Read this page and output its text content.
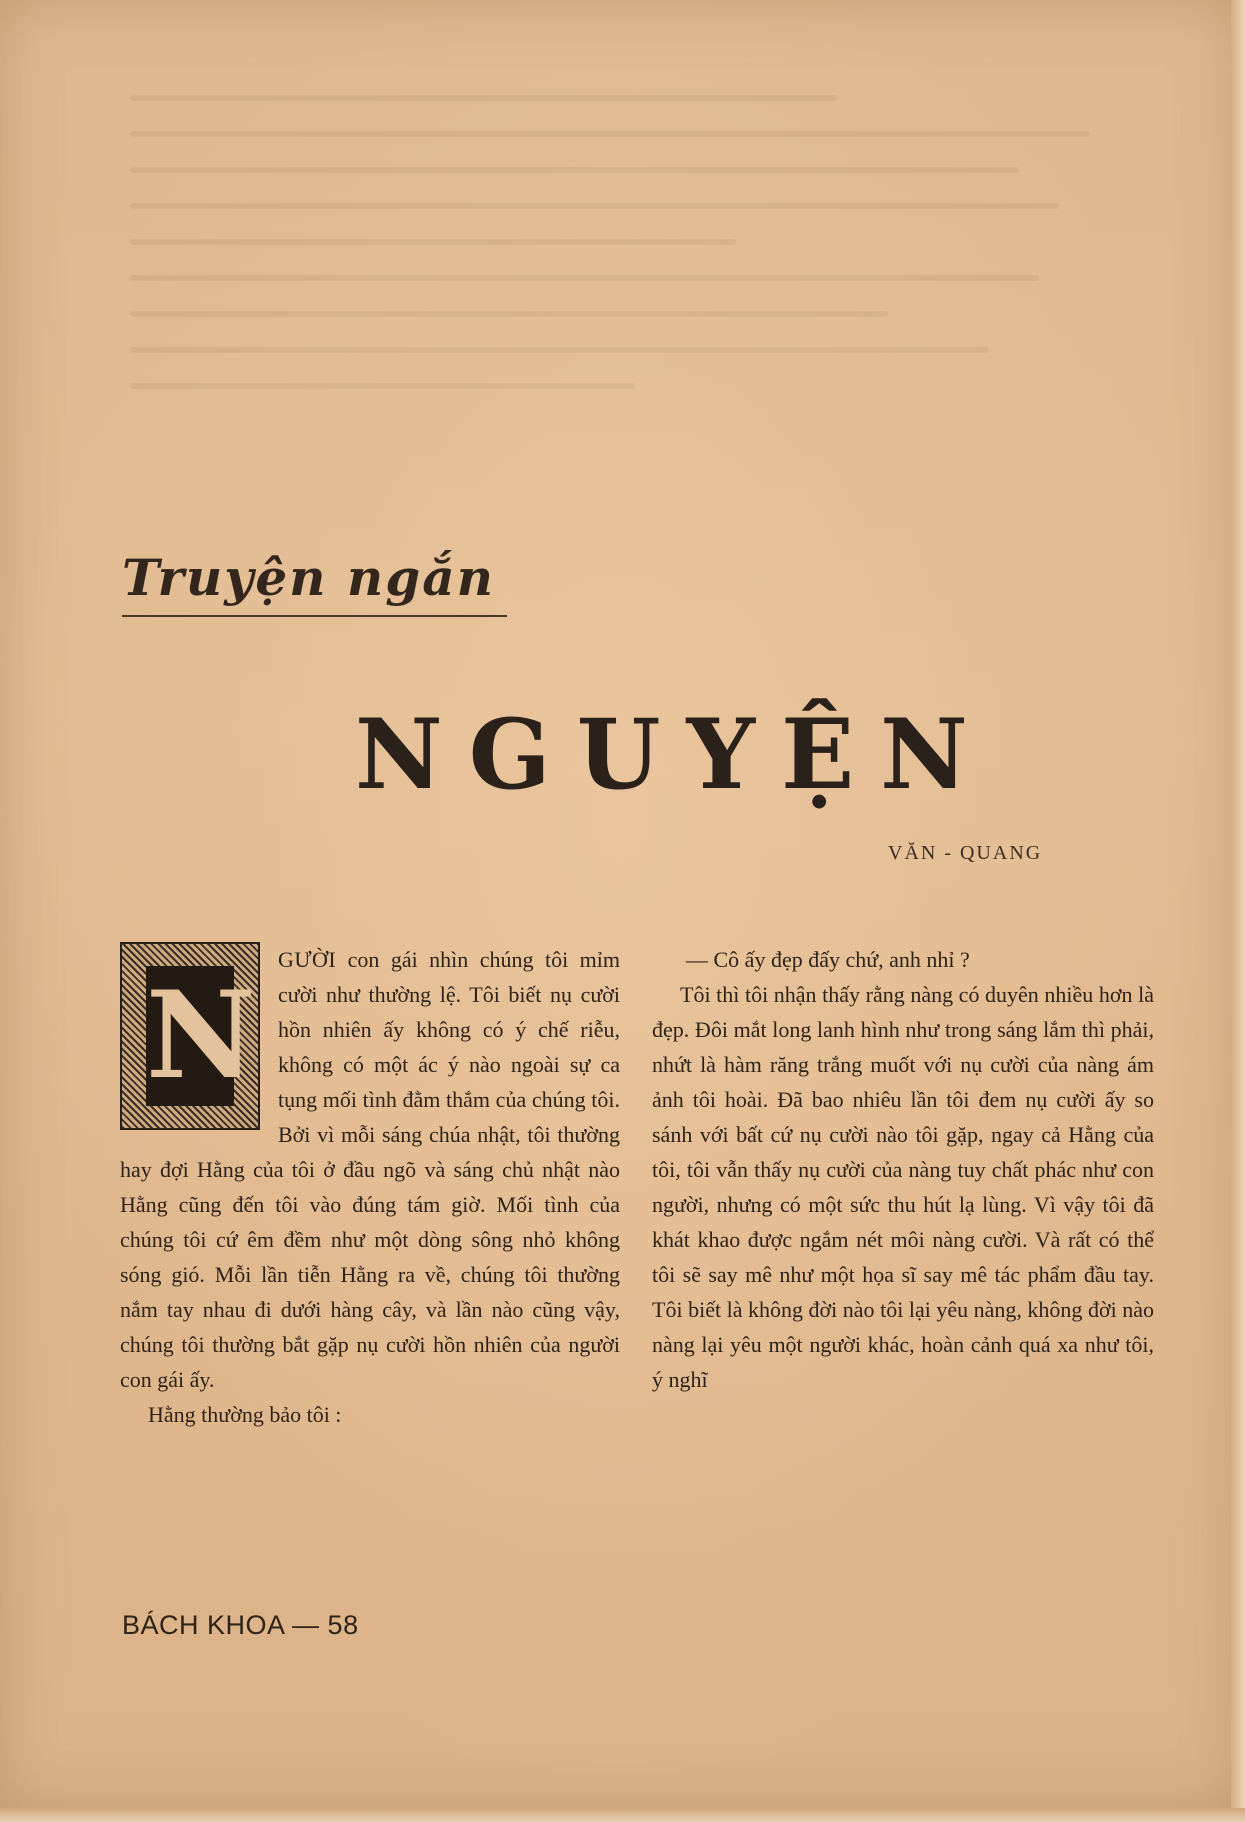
Truyện ngắn
NGUYỆN
VĂN - QUANG
N

GƯỜI con gái nhìn chúng tôi mỉm cười như thường lệ. Tôi biết nụ cười hồn nhiên ấy không có ý chế riễu, không có một ác ý nào ngoài sự ca tụng mối tình đằm thắm của chúng tôi. Bởi vì mỗi sáng chúa nhật, tôi thường hay đợi Hằng của tôi ở đầu ngõ và sáng chủ nhật nào Hằng cũng đến tôi vào đúng tám giờ. Mối tình của chúng tôi cứ êm đềm như một dòng sông nhỏ không sóng gió. Mỗi lần tiễn Hằng ra về, chúng tôi thường nắm tay nhau đi dưới hàng cây, và lần nào cũng vậy, chúng tôi thường bắt gặp nụ cười hồn nhiên của người con gái ấy.

Hằng thường bảo tôi :

— Cô ấy đẹp đấy chứ, anh nhỉ ?

Tôi thì tôi nhận thấy rằng nàng có duyên nhiều hơn là đẹp. Đôi mắt long lanh hình như trong sáng lắm thì phải, nhứt là hàm răng trắng muốt với nụ cười của nàng ám ảnh tôi hoài. Đã bao nhiêu lần tôi đem nụ cười ấy so sánh với bất cứ nụ cười nào tôi gặp, ngay cả Hằng của tôi, tôi vẫn thấy nụ cười của nàng tuy chất phác như con người, nhưng có một sức thu hút lạ lùng. Vì vậy tôi đã khát khao được ngắm nét môi nàng cười. Và rất có thể tôi sẽ say mê như một họa sĩ say mê tác phẩm đầu tay. Tôi biết là không đời nào tôi lại yêu nàng, không đời nào nàng lại yêu một người khác, hoàn cảnh quá xa như tôi, ý nghĩ

BÁCH KHOA — 58
